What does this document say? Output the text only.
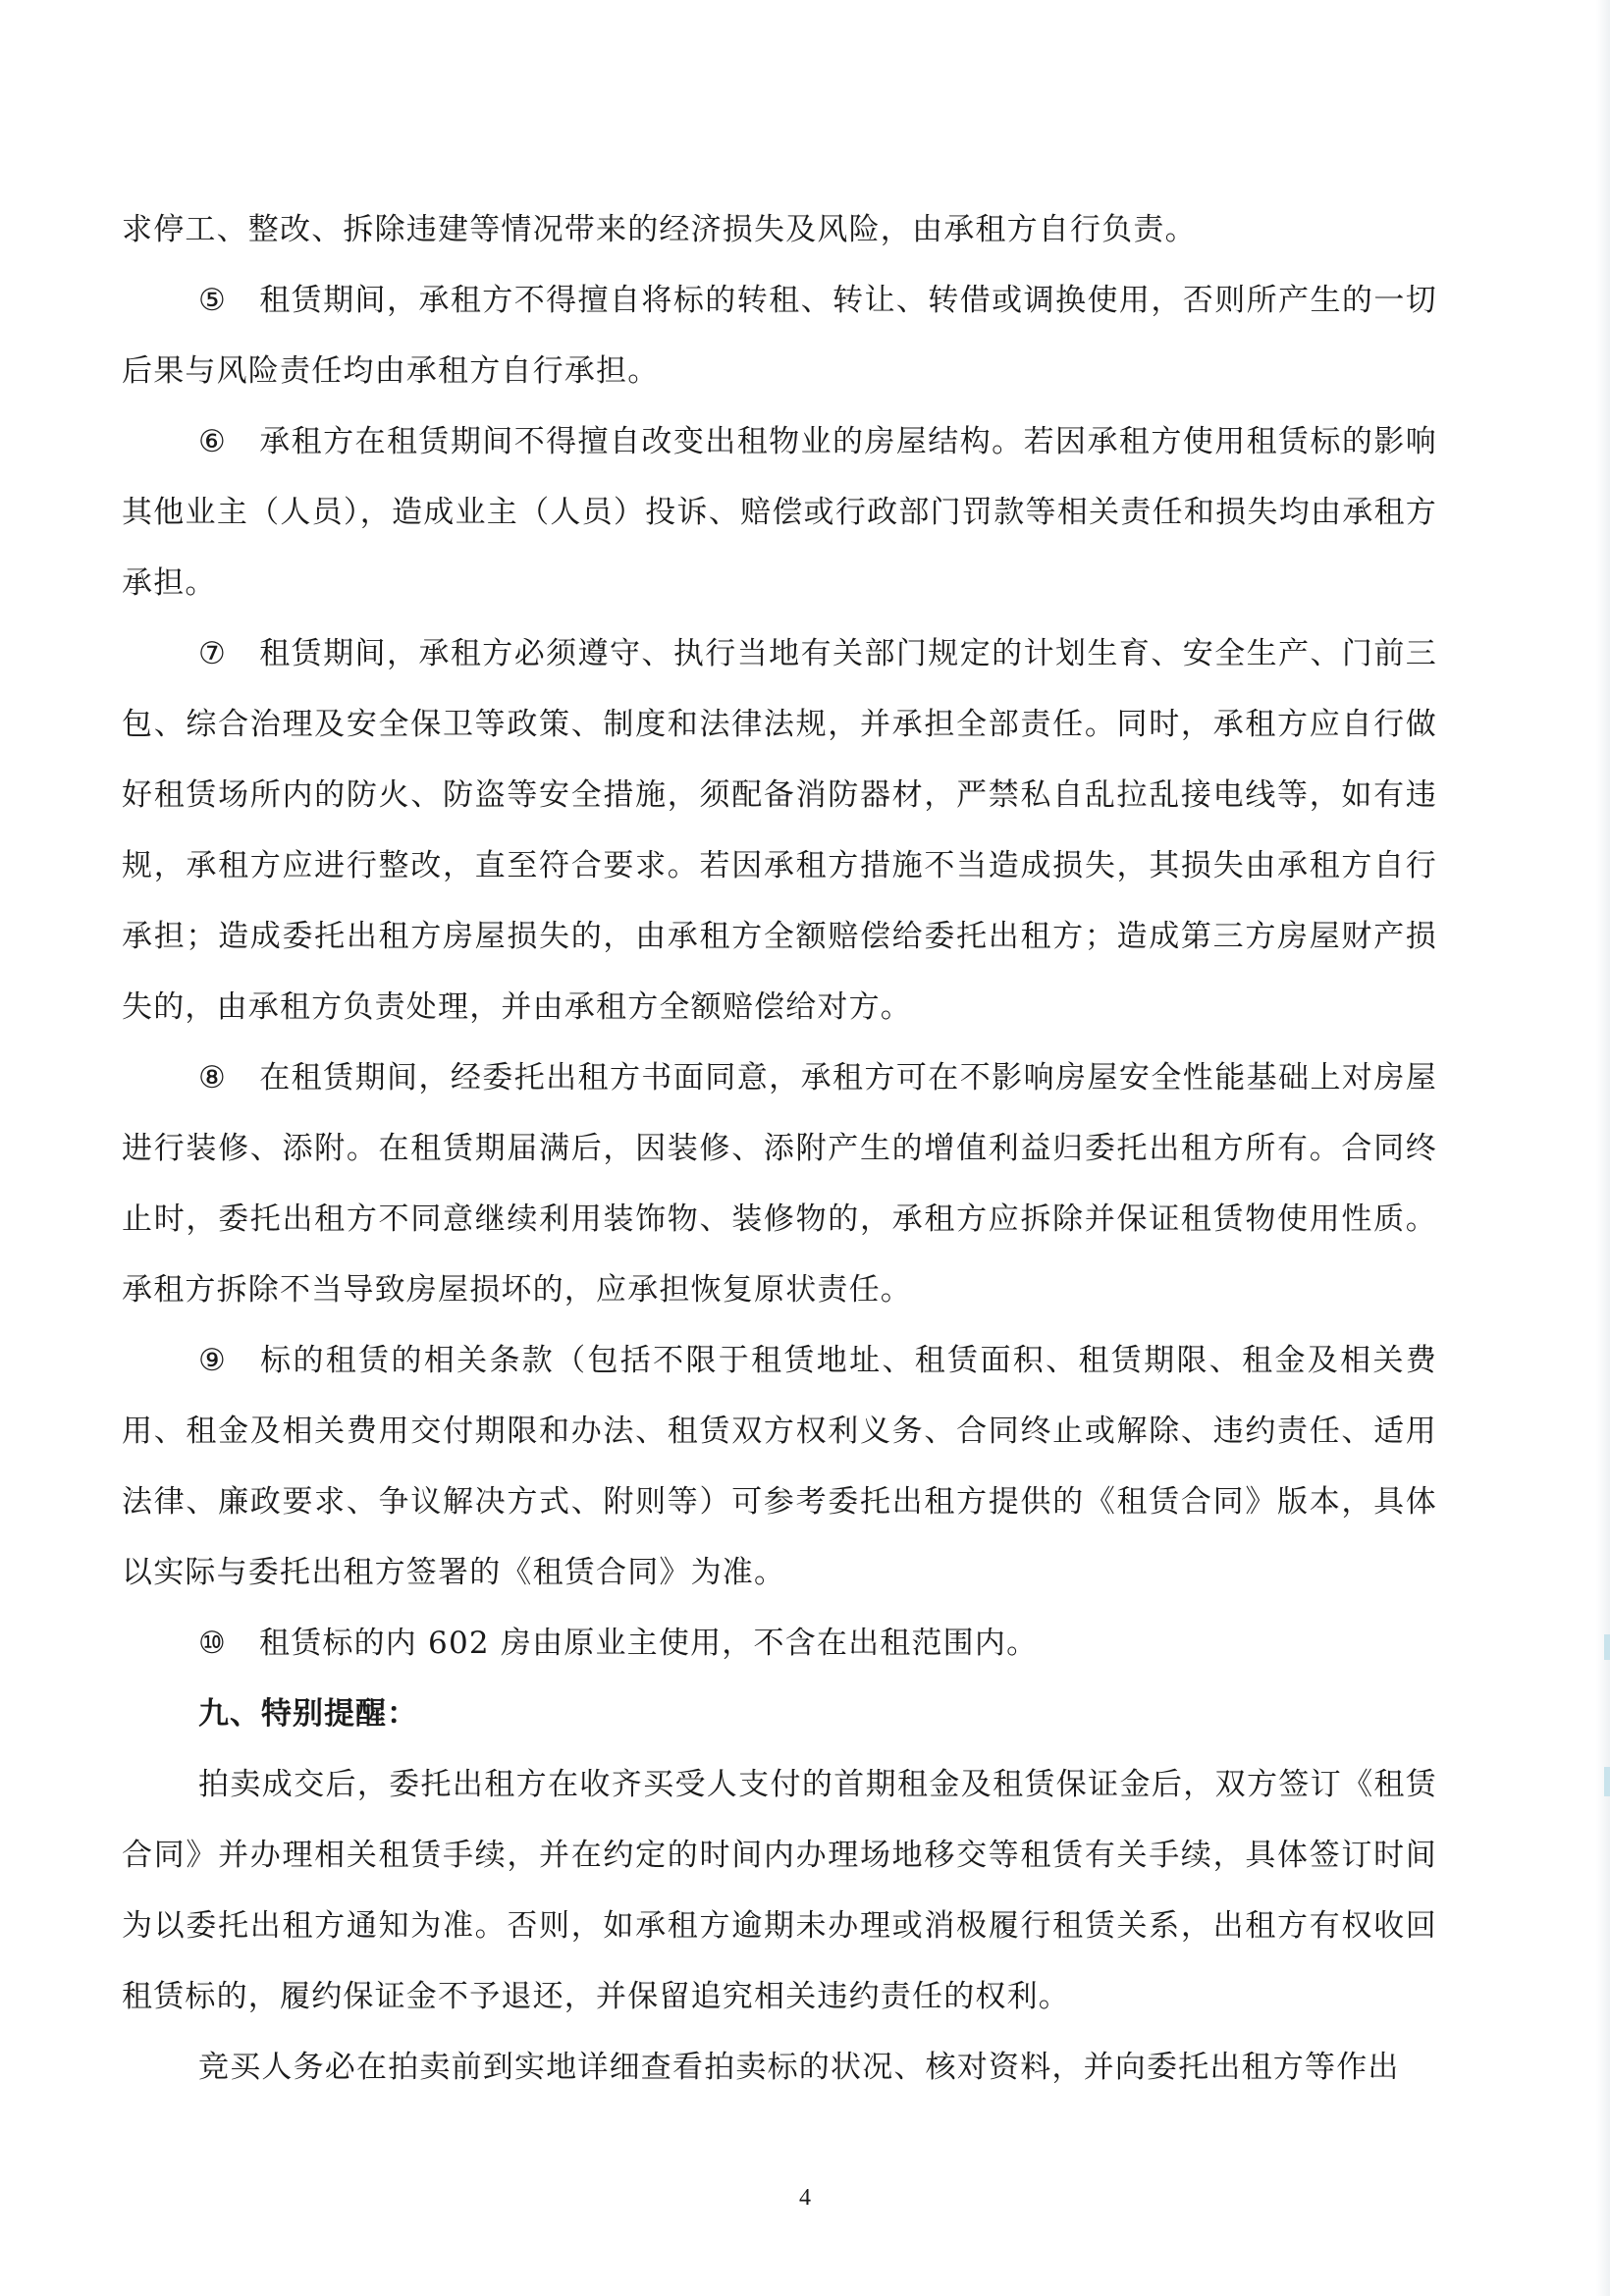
求停工、整改、拆除违建等情况带来的经济损失及风险，由承租方自行负责。

⑤ 租赁期间，承租方不得擅自将标的转租、转让、转借或调换使用，否则所产生的一切后果与风险责任均由承租方自行承担。

⑥ 承租方在租赁期间不得擅自改变出租物业的房屋结构。若因承租方使用租赁标的影响其他业主（人员），造成业主（人员）投诉、赔偿或行政部门罚款等相关责任和损失均由承租方承担。

⑦ 租赁期间，承租方必须遵守、执行当地有关部门规定的计划生育、安全生产、门前三包、综合治理及安全保卫等政策、制度和法律法规，并承担全部责任。同时，承租方应自行做好租赁场所内的防火、防盗等安全措施，须配备消防器材，严禁私自乱拉乱接电线等，如有违规，承租方应进行整改，直至符合要求。若因承租方措施不当造成损失，其损失由承租方自行承担；造成委托出租方房屋损失的，由承租方全额赔偿给委托出租方；造成第三方房屋财产损失的，由承租方负责处理，并由承租方全额赔偿给对方。

⑧ 在租赁期间，经委托出租方书面同意，承租方可在不影响房屋安全性能基础上对房屋进行装修、添附。在租赁期届满后，因装修、添附产生的增值利益归委托出租方所有。合同终止时，委托出租方不同意继续利用装饰物、装修物的，承租方应拆除并保证租赁物使用性质。承租方拆除不当导致房屋损坏的，应承担恢复原状责任。

⑨ 标的租赁的相关条款（包括不限于租赁地址、租赁面积、租赁期限、租金及相关费用、租金及相关费用交付期限和办法、租赁双方权利义务、合同终止或解除、违约责任、适用法律、廉政要求、争议解决方式、附则等）可参考委托出租方提供的《租赁合同》版本，具体以实际与委托出租方签署的《租赁合同》为准。

⑩ 租赁标的内 602 房由原业主使用，不含在出租范围内。

九、特别提醒：

拍卖成交后，委托出租方在收齐买受人支付的首期租金及租赁保证金后，双方签订《租赁合同》并办理相关租赁手续，并在约定的时间内办理场地移交等租赁有关手续，具体签订时间为以委托出租方通知为准。否则，如承租方逾期未办理或消极履行租赁关系，出租方有权收回租赁标的，履约保证金不予退还，并保留追究相关违约责任的权利。

竞买人务必在拍卖前到实地详细查看拍卖标的状况、核对资料，并向委托出租方等作出

4
